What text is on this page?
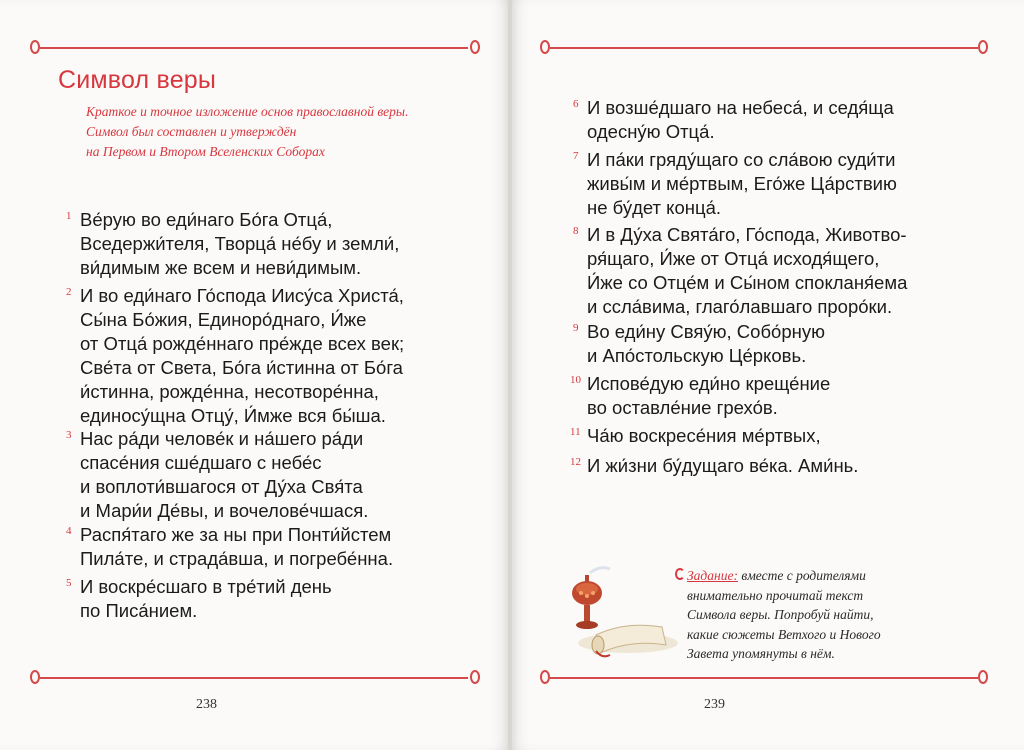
Символ веры
Краткое и точное изложение основ православной веры.
Символ был составлен и утверждён
на Первом и Втором Вселенских Соборах
238	239
1 Ве́рую во еди́наго Бо́га Отца́,
Вседержи́теля, Творца́ не́бу и земли́,
ви́димым же всем и неви́димым.
2 И во еди́наго Го́спода Иису́са Христа́,
Сы́на Бо́жия, Единоро́днаго, И́же
от Отца́ рожде́ннаго пре́жде всех век;
Све́та от Света, Бо́га и́стинна от Бо́га
и́стинна, рожде́нна, несотворе́нна,
единосу́щна Отцу́, И́мже вся бы́ша.
3 Нас ра́ди челове́к и на́шего ра́ди
спасе́ния сше́дшаго с небе́с
и воплоти́вшагося от Ду́ха Свя́та
и Мари́и Де́вы, и вочелове́чшася.
4 Распя́таго же за ны при Понти́йстем
Пила́те, и страда́вша, и погребе́нна.
5 И воскре́сшаго в тре́тий день
по Писа́нием.
6 И возше́дшаго на небеса́, и седя́ща
одесну́ю Отца́.
7 И па́ки гряду́щаго со сла́вою суди́ти
живы́м и ме́ртвым, Его́же Ца́рствию
не бу́дет конца́.
8 И в Ду́ха Свята́го, Го́спода, Животво-
ря́щаго, И́же от Отца́ исходя́щего,
И́же со Отце́м и Сы́ном спокланя́ема
и ссла́вима, глаго́лавшаго проро́ки.
9 Во еди́ну Свяу́ю, Собо́рную
и Апо́стольскую Це́рковь.
10 Испове́дую еди́но креще́ние
во оставле́ние грехо́в.
11 Ча́ю воскресе́ния ме́ртвых,
12 И жи́зни бу́дущаго ве́ка. Ами́нь.
Задание: вместе с родителями
внимательно прочитай текст
Символа веры. Попробуй найти,
какие сюжеты Ветхого и Нового
Завета упомянуты в нём.
